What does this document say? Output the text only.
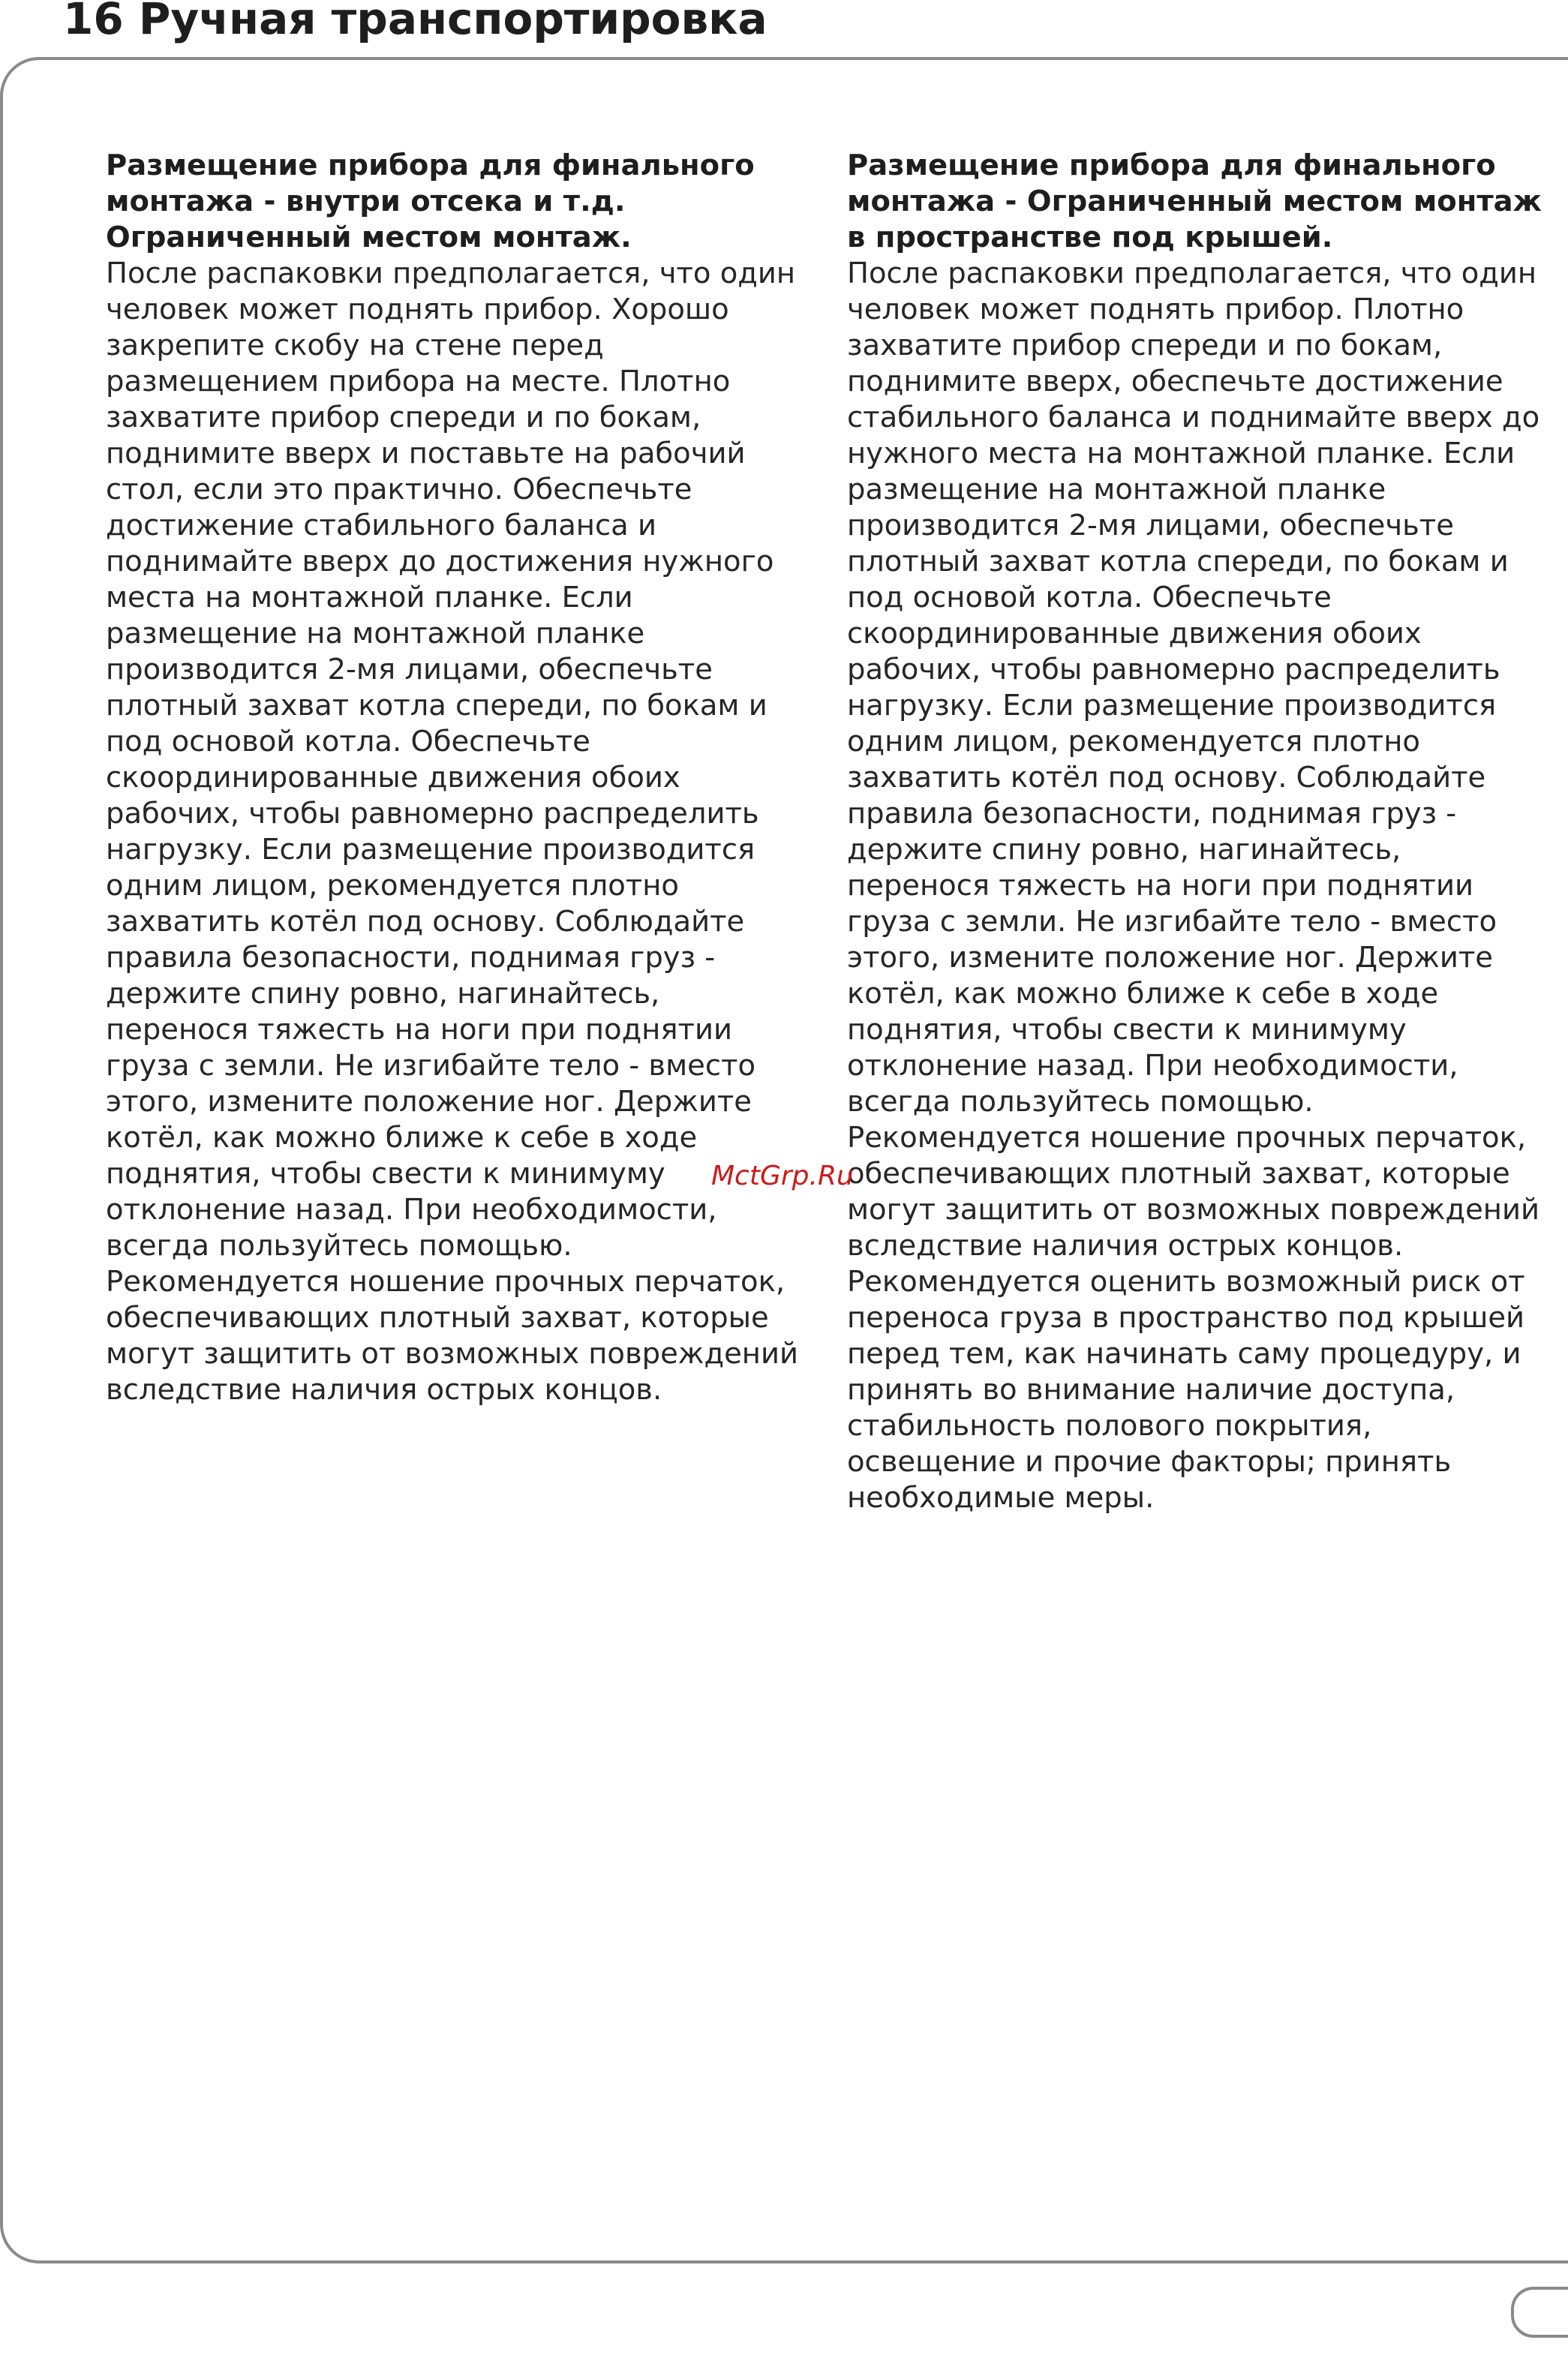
16 Ручная транспортировка

Размещение прибора для финального монтажа - внутри отсека и т.д. Ограниченный местом монтаж.

После распаковки предполагается, что один человек может поднять прибор. Хорошо закрепите скобу на стене перед размещением прибора на месте. Плотно захватите прибор спереди и по бокам, поднимите вверх и поставьте на рабочий стол, если это практично. Обеспечьте достижение стабильного баланса и поднимайте вверх до достижения нужного места на монтажной планке. Если размещение на монтажной планке производится 2-мя лицами, обеспечьте плотный захват котла спереди, по бокам и под основой котла. Обеспечьте скоординированные движения обоих рабочих, чтобы равномерно распределить нагрузку. Если размещение производится одним лицом, рекомендуется плотно захватить котёл под основу. Соблюдайте правила безопасности, поднимая груз - держите спину ровно, нагинайтесь, перенося тяжесть на ноги при поднятии груза с земли. Не изгибайте тело - вместо этого, измените положение ног. Держите котёл, как можно ближе к себе в ходе поднятия, чтобы свести к минимуму отклонение назад. При необходимости, всегда пользуйтесь помощью. Рекомендуется ношение прочных перчаток, обеспечивающих плотный захват, которые могут защитить от возможных повреждений вследствие наличия острых концов.

Размещение прибора для финального монтажа - Ограниченный местом монтаж в пространстве под крышей.

После распаковки предполагается, что один человек может поднять прибор. Плотно захватите прибор спереди и по бокам, поднимите вверх, обеспечьте достижение стабильного баланса и поднимайте вверх до нужного места на монтажной планке. Если размещение на монтажной планке производится 2-мя лицами, обеспечьте плотный захват котла спереди, по бокам и под основой котла. Обеспечьте скоординированные движения обоих рабочих, чтобы равномерно распределить нагрузку. Если размещение производится одним лицом, рекомендуется плотно захватить котёл под основу. Соблюдайте правила безопасности, поднимая груз - держите спину ровно, нагинайтесь, перенося тяжесть на ноги при поднятии груза с земли. Не изгибайте тело - вместо этого, измените положение ног. Держите котёл, как можно ближе к себе в ходе поднятия, чтобы свести к минимуму отклонение назад. При необходимости, всегда пользуйтесь помощью. Рекомендуется ношение прочных перчаток, обеспечивающих плотный захват, которые могут защитить от возможных повреждений вследствие наличия острых концов. Рекомендуется оценить возможный риск от переноса груза в пространство под крышей перед тем, как начинать саму процедуру, и принять во внимание наличие доступа, стабильность полового покрытия, освещение и прочие факторы; принять необходимые меры.

MctGrp.Ru
